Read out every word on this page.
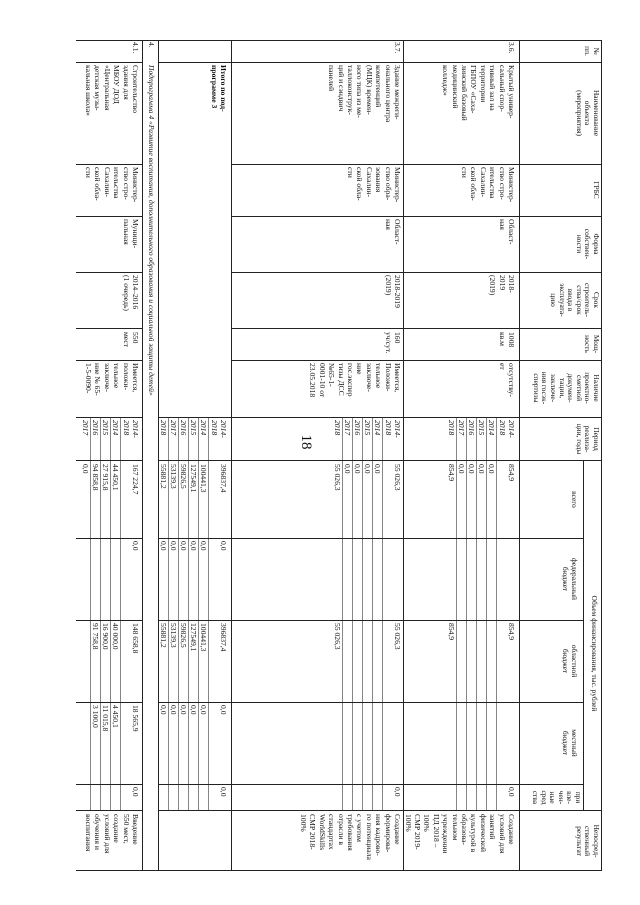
18
№
пп.
Наименование
объекта
(мероприятия)
ГРБС
Форма
собствен-
ности
Срок
строитель-
ства/срок
ввода в
эксплуата-
цию
Мощ-
ность
Наличие
проектно-
сметной
докумен-
тации,
заключе-
ния госэк-
спертизы
Период
реализа-
ции, годы
Объем финансирования, тыс. рублей
всего
федеральный
бюджет
областной
бюджет
местный
бюджет
при
вле-
чен-
ные
сред
ства
Непосред-
ственный
результат
3.6.
Крытый универ-
сальный спор-
тивный зал на
территории
ГБПОУ «Саха-
линский базовый
медицинский
колледж»
Министер-
ство стро-
ительства
Сахалин-
ской обла-
сти
Област-
ная
2018-
2019
(2019)
1008
кв.м
отсутству-
ет
2014-
2018
2014
2015
2016
2017
2018
854,9
0,0
0,0
0,0
0,0
854,9
854,9
854,9
0,0
Создание
условий для
занятий
физической
культурой в
образова-
тельном
учреждении
ПД 2018 –
100%
СМР 2019-
100%
3.7.
Здание межреги-
онального центра
компетенций
(МЦК) времен-
ного типа из ме-
таллоконструк-
ций и сэндвич
панелей
Министер-
ство обра-
зования
Сахалин-
ской обла-
сти
Област-
ная
2018-2019
(2019)
160
уч/сут.
Имеется,
Положи-
тельное
заключе-
ние
гос.экспер
тизы ДСС
№65-1-
0001-10 от
23.05.2018
2014-
2018
2014
2015
2016
2017
2018
55 026,3
0,0
0,0
0,0
0,0
55 026,3
55 026,3
55 026,3
0,0
Создание
формирова-
ния кадрово-
го потенциала
с учетом
требования
отрасли в
стандартах
WorldSkills
СМР 2018-
100%
Итого по под-
программе 3
2014-
2018
2014
2015
2016
2017
2018
396837,4
100441,3
127549,1
59826,5
53139,3
55881,2
0,0
0,0
0,0
0,0
0,0
0,0
396837,4
100441,3
127549,1
59826,5
53139,3
55881,2
0,0
0,0
0,0
0,0
0,0
0,0
0,0
4.
Подпрограмма 4 «Развитие воспитания, дополнительного образования и социальной защиты детей»
4.1.
Строительство
здания для
МБОУ ДОД
«Центральная
детская музы-
кальная школа»
Министер-
ство стро-
ительства
Сахалин-
ской обла-
сти
Муници-
пальная
2014–2016
(1 очередь)
550
мест
Имеется,
положи-
тельное
заключе-
ние № 65-
1-5-0090-
2014-
2018
2014
2015
2016
2017
167 224,7
44 450,1
27 915,8
94 858,8
0,0
0,0
148 658,8
40 000,0
16 900,0
91 758,8
18 565,9
4 450,1
11 015,8
3 100,0
0,0
Введение
550 мест,
создание
условий для
обучения и
воспитания
